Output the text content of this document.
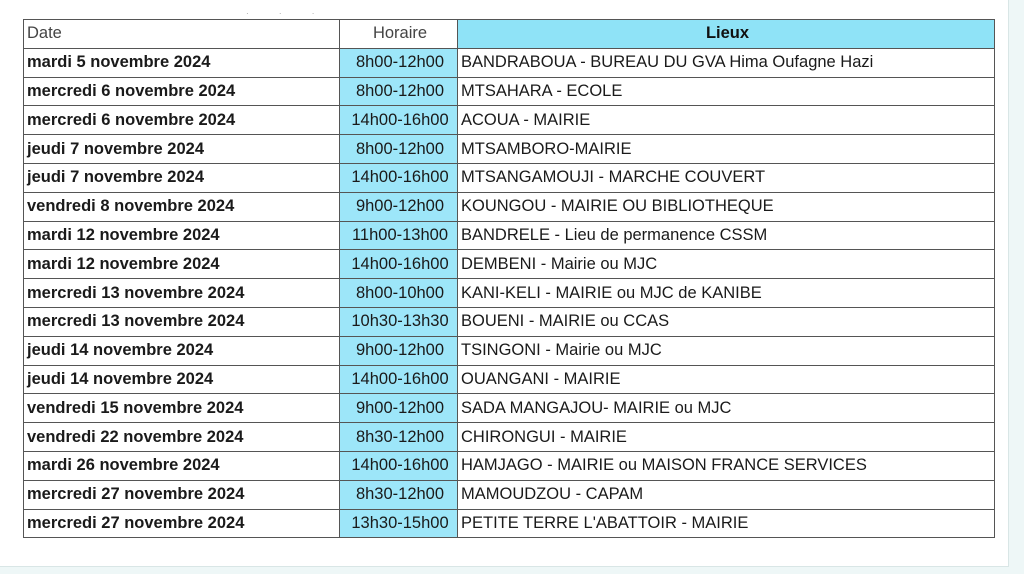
· · ·
Date	Horaire	Lieux
mardi 5 novembre 2024	8h00-12h00	BANDRABOUA - BUREAU DU GVA Hima Oufagne Hazi
mercredi 6 novembre 2024	8h00-12h00	MTSAHARA - ECOLE
mercredi 6 novembre 2024	14h00-16h00	ACOUA - MAIRIE
jeudi 7 novembre 2024	8h00-12h00	MTSAMBORO-MAIRIE
jeudi 7 novembre 2024	14h00-16h00	MTSANGAMOUJI - MARCHE COUVERT
vendredi 8 novembre 2024	9h00-12h00	KOUNGOU - MAIRIE OU BIBLIOTHEQUE
mardi 12 novembre 2024	11h00-13h00	BANDRELE - Lieu de permanence CSSM
mardi 12 novembre 2024	14h00-16h00	DEMBENI - Mairie ou MJC
mercredi 13 novembre 2024	8h00-10h00	KANI-KELI - MAIRIE ou MJC de KANIBE
mercredi 13 novembre 2024	10h30-13h30	BOUENI - MAIRIE ou CCAS
jeudi 14 novembre 2024	9h00-12h00	TSINGONI - Mairie ou MJC
jeudi 14 novembre 2024	14h00-16h00	OUANGANI - MAIRIE
vendredi 15 novembre 2024	9h00-12h00	SADA MANGAJOU- MAIRIE ou MJC
vendredi 22 novembre 2024	8h30-12h00	CHIRONGUI - MAIRIE
mardi 26 novembre 2024	14h00-16h00	HAMJAGO - MAIRIE ou MAISON FRANCE SERVICES
mercredi 27 novembre 2024	8h30-12h00	MAMOUDZOU - CAPAM
mercredi 27 novembre 2024	13h30-15h00	PETITE TERRE L'ABATTOIR - MAIRIE
